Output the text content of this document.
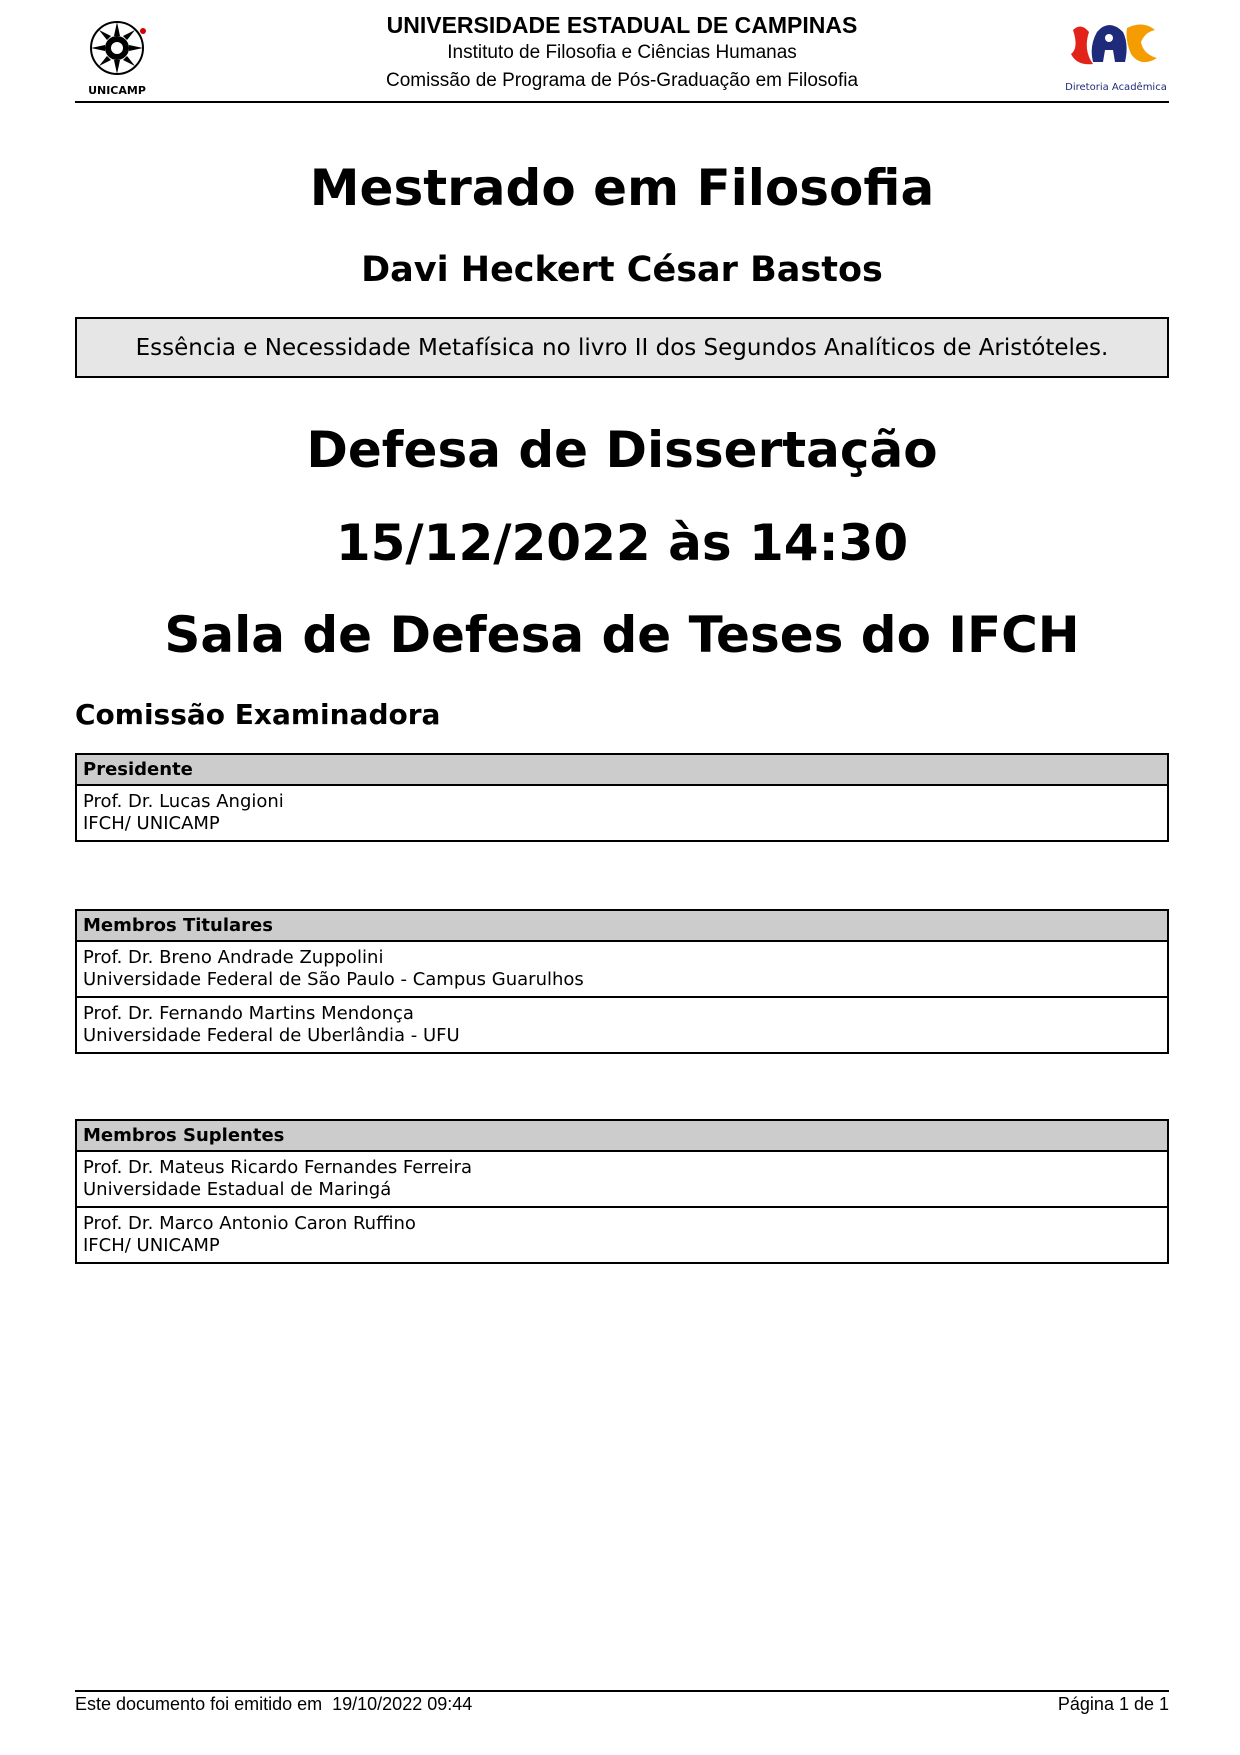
UNICAMP
UNIVERSIDADE ESTADUAL DE CAMPINAS
Instituto de Filosofia e Ciências Humanas
Comissão de Programa de Pós-Graduação em Filosofia	Diretoria Acadêmica
Mestrado em Filosofia
Davi Heckert César Bastos
Essência e Necessidade Metafísica no livro II dos Segundos Analíticos de Aristóteles.
Defesa de Dissertação
15/12/2022 às 14:30
Sala de Defesa de Teses do IFCH
Comissão Examinadora
Presidente
Prof. Dr. Lucas Angioni
IFCH/ UNICAMP
Membros Titulares
Prof. Dr. Breno Andrade Zuppolini
Universidade Federal de São Paulo - Campus Guarulhos
Prof. Dr. Fernando Martins Mendonça
Universidade Federal de Uberlândia - UFU
Membros Suplentes
Prof. Dr. Mateus Ricardo Fernandes Ferreira
Universidade Estadual de Maringá
Prof. Dr. Marco Antonio Caron Ruffino
IFCH/ UNICAMP
Este documento foi emitido em  19/10/2022 09:44	Página 1 de 1
